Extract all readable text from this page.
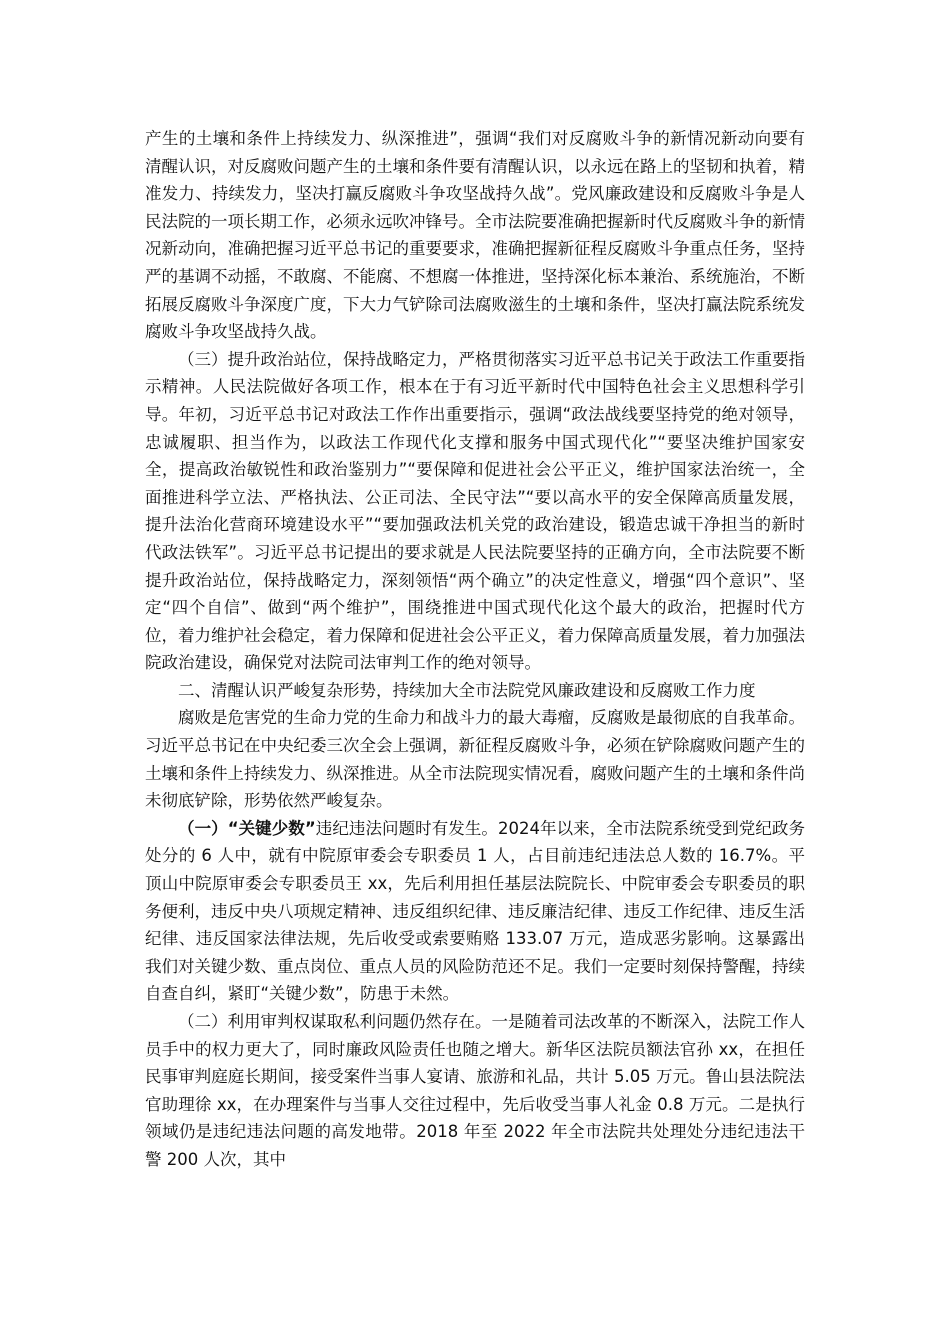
产生的土壤和条件上持续发力、纵深推进”，强调“我们对反腐败斗争的新情况新动向要有清醒认识，对反腐败问题产生的土壤和条件要有清醒认识，以永远在路上的坚韧和执着，精准发力、持续发力，坚决打赢反腐败斗争攻坚战持久战”。党风廉政建设和反腐败斗争是人民法院的一项长期工作，必须永远吹冲锋号。全市法院要准确把握新时代反腐败斗争的新情况新动向，准确把握习近平总书记的重要要求，准确把握新征程反腐败斗争重点任务，坚持严的基调不动摇，不敢腐、不能腐、不想腐一体推进，坚持深化标本兼治、系统施治，不断拓展反腐败斗争深度广度，下大力气铲除司法腐败滋生的土壤和条件，坚决打赢法院系统发腐败斗争攻坚战持久战。

（三）提升政治站位，保持战略定力，严格贯彻落实习近平总书记关于政法工作重要指示精神。人民法院做好各项工作，根本在于有习近平新时代中国特色社会主义思想科学引导。年初，习近平总书记对政法工作作出重要指示，强调“政法战线要坚持党的绝对领导，忠诚履职、担当作为，以政法工作现代化支撑和服务中国式现代化”“要坚决维护国家安全，提高政治敏锐性和政治鉴别力”“要保障和促进社会公平正义，维护国家法治统一，全面推进科学立法、严格执法、公正司法、全民守法”“要以高水平的安全保障高质量发展，提升法治化营商环境建设水平”“要加强政法机关党的政治建设，锻造忠诚干净担当的新时代政法铁军”。习近平总书记提出的要求就是人民法院要坚持的正确方向，全市法院要不断提升政治站位，保持战略定力，深刻领悟“两个确立”的决定性意义，增强“四个意识”、坚定“四个自信”、做到“两个维护”，围绕推进中国式现代化这个最大的政治，把握时代方位，着力维护社会稳定，着力保障和促进社会公平正义，着力保障高质量发展，着力加强法院政治建设，确保党对法院司法审判工作的绝对领导。

二、清醒认识严峻复杂形势，持续加大全市法院党风廉政建设和反腐败工作力度

腐败是危害党的生命力党的生命力和战斗力的最大毒瘤，反腐败是最彻底的自我革命。习近平总书记在中央纪委三次全会上强调，新征程反腐败斗争，必须在铲除腐败问题产生的土壤和条件上持续发力、纵深推进。从全市法院现实情况看，腐败问题产生的土壤和条件尚未彻底铲除，形势依然严峻复杂。

（一）“关键少数”违纪违法问题时有发生。2024年以来，全市法院系统受到党纪政务处分的 6 人中，就有中院原审委会专职委员 1 人，占目前违纪违法总人数的 16.7%。平顶山中院原审委会专职委员王 xx，先后利用担任基层法院院长、中院审委会专职委员的职务便利，违反中央八项规定精神、违反组织纪律、违反廉洁纪律、违反工作纪律、违反生活纪律、违反国家法律法规，先后收受或索要贿赂 133.07 万元，造成恶劣影响。这暴露出我们对关键少数、重点岗位、重点人员的风险防范还不足。我们一定要时刻保持警醒，持续自查自纠，紧盯“关键少数”，防患于未然。

（二）利用审判权谋取私利问题仍然存在。一是随着司法改革的不断深入，法院工作人员手中的权力更大了，同时廉政风险责任也随之增大。新华区法院员额法官孙 xx，在担任民事审判庭庭长期间，接受案件当事人宴请、旅游和礼品，共计 5.05 万元。鲁山县法院法官助理徐 xx，在办理案件与当事人交往过程中，先后收受当事人礼金 0.8 万元。二是执行领域仍是违纪违法问题的高发地带。2018 年至 2022 年全市法院共处理处分违纪违法干警 200 人次，其中
